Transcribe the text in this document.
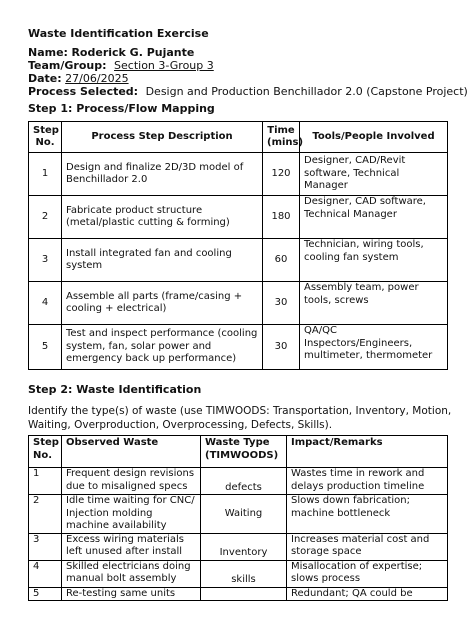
Waste Identification Exercise
Name: Roderick G. Pujante
Team/Group: Section 3-Group 3
Date: 27/06/2025
Process Selected: Design and Production Benchillador 2.0 (Capstone Project)
Step 1: Process/Flow Mapping
Step No.	Process Step Description	Time (mins)	Tools/People Involved
1	Design and finalize 2D/3D model of Benchillador 2.0	120	Designer, CAD/Revit software, Technical Manager
2	Fabricate product structure (metal/plastic cutting & forming)	180	Designer, CAD software, Technical Manager
3	Install integrated fan and cooling system	60	Technician, wiring tools, cooling fan system
4	Assemble all parts (frame/casing + cooling + electrical)	30	Assembly team, power tools, screws
5	Test and inspect performance (cooling system, fan, solar power and emergency back up performance)	30	QA/QC Inspectors/Engineers, multimeter, thermometer
Step 2: Waste Identification
Identify the type(s) of waste (use TIMWOODS: Transportation, Inventory, Motion, Waiting, Overproduction, Overprocessing, Defects, Skills).
Step No.	Observed Waste	Waste Type (TIMWOODS)	Impact/Remarks
1	Frequent design revisions due to misaligned specs	defects	Wastes time in rework and delays production timeline
2	Idle time waiting for CNC/ Injection molding machine availability	Waiting	Slows down fabrication; machine bottleneck
3	Excess wiring materials left unused after install	Inventory	Increases material cost and storage space
4	Skilled electricians doing manual bolt assembly	skills	Misallocation of expertise; slows process
5	Re-testing same units		Redundant; QA could be
